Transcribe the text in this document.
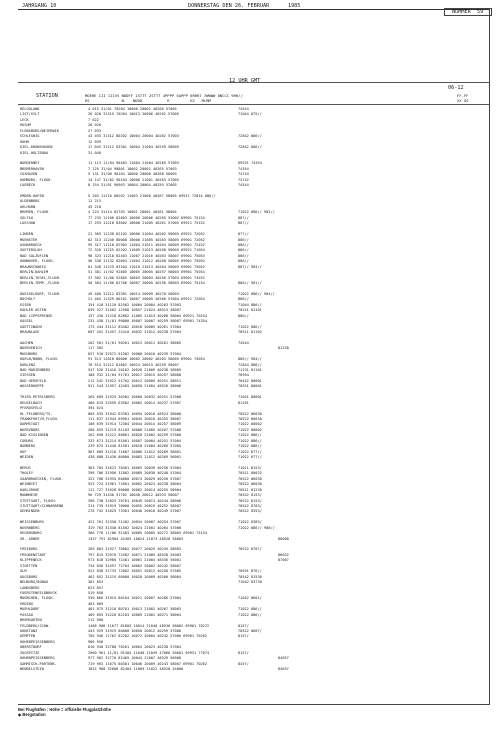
JAHRGANG 10	DONNERSTAG DEN 26. FEBRUAR      1985
NUMMER  59
12 UHR GMT
06-12
STATION	MOEHE III IIIVV NDDFF 1STTT 2STTT 4PPPP 5APPP 6RRRT 7WWWW 8NCCC 9HH//
RS              N    NDDD           R         H2   MLMM
FF-FF
XX GG
HELGOLAND	4 015 31/01 70204 10006 20002 40266 57005	74544
LIST/SYLT	26 020 31315 70204 10013 20006 40262 57005	71044 875//
LECK	7 022
HUSUM	28 026
FLENSBURG/WEIERWIK	27 033
SCHLESWIG	43 035 31312 80202 10004 20004 40262 57003	72842 886//
HOHN	12 039
KIEL-KRONSHAGEN	17 045 31212 83301 10004 21004 40259 58005	72842 886//
KIEL-HOLTENAU	31 046
NORDERNEY	11 113 11/04 90403 11004 21004 40265 57003	69931 74354
BREMERHAVEN	7 129 31/04 90801 10002 20002 40265 57003	74354
CUXHAVEN	5 131 31/00 90104 10000 20000 40268 56005	74744
HAMBURG, FLUGH.	14 147 31/02 90104 10000 21001 40263 57005	74742
LUEBECK	8 154 31/01 90903 10004 20004 40259 57005	74544
EMDEN-HAFEN	5 203 11110 80202 11003 21008 40267 58005 69911 72854 886//
OLDENBURG	11 215
AHLHORN	49 218
BREMEN, FLUGH.	4 224 31114 82703 10001 20001 40261 58004	71022 886// 902//
SOLTAU	77 235 11106 82803 10000 20006 40265 52002 69901 75154	887//
LUECHOW	17 253 11218 83002 10000 21005 40261 57005 69911 75152	887//
LINGEN	21 305 11238 82102 10006 21004 40262 58005 69921 72052	877//
MUENSTER	62 313 11240 80000 10000 21005 40263 58005 69901 72052	886//
OSNABRUECK	95 317 11218 82903 11004 21011 40264 58005 69901 72452	886//
GUETERSLOH	72 320 11225 82202 11009 21013 40268 58005 69921 71054	886//
BAD SALZUFLEN	98 323 11218 82403 11007 21016 40263 58007 69901 75053	886//
HANNOVER, FLUGH.	56 338 11132 82603 11004 21012 40268 58005 69901 75052	886//
BRAUNSCHWEIG	81 348 11225 83204 11010 21013 40264 58003 69901 75052	887// 903//
BERLIN-DAHLEM	51 381 11/02 92805 10005 20005 40257 58003 69901 75054
BERLIN-TEGEL,FLUGH.	37 382 11/06 92805 10003 20003 40256 57003 69901 74552
BERLIN-TEMP.,FLUGH.	50 384 11/06 82706 10007 20005 40256 58003 69901 75154	886// 901//
DUESSELDORF, FLUGH.	45 400 31212 83301 10014 20009 40270 58003	71022 886// 904//
BOCHOLT	21 404 11329 80101 10007 20005 40266 57004 69921 72054	886//
ESSEN	154 410 31110 82502 10004 20004 40263 57003	71044 886//
KAHLER ASTEN	839 427 31582 12508 10057 21024 48513 58007	70241 81101
BAD LIPPSPRINGE	157 430 11218 82802 11005 21013 40268 58004 69921 70254	886//
KASSEL	231 438 11/01 90000 10007 20007 40259 58007 69901 74354
GOETTINGEN	175 444 31112 83402 10010 20005 40261 57004	71022 886//
BRAUNLAGE	607 452 31457 22410 10032 21012 40238 57004	70511 81102
AACHEN	202 501 31/01 90201 10013 20011 40261 58005	74544
NOERVENICH	117 502	81238
MUEHBURG	627 510 32572 51502 10080 20010 40239 57004
KOELN/BONN, FLUGH.	91 513 11010 80000 10002 20002 40263 58005 69901 75054	886// 904//
KOBLENZ	70 515 31212 81802 10024 20015 40259 58007	72844 886//
BAD MARIENBERG	547 526 31410 20102 10020 21009 40238 58005	71231 81101
GIESSEN	186 532 31/04 91701 10017 20015 40257 58008	70954
BAD HERSFELD	212 542 31922 51702 10012 20005 40251 58011	70452 80001
WASSERKUPPE	921 544 31957 42403 10050 21004 48526 58006	70551 80001
TRIER-PETRISBERG	265 609 31925 30302 10060 20032 40251 57008	71041 80001
DEUSELBACH	480 615 32559 63502 10082 20014 40237 57007	81201
PFERDSFELD	394 624
HL.FELDBERG/TS.	805 635 31942 63303 10094 20010 48524 58008	70522 86030
FRANKFURT/M,FLUGH.	111 637 31944 69901 10045 20010 40255 58007	70522 86030
DARMSTADT	108 639 31914 72304 10044 20014 40257 58009	71022 80002
WUERZBURG	268 655 31219 81103 10000 21005 40267 57008	71022 80002
BAD KISSINGEN	262 658 31222 80801 10020 21002 40259 57008	71022 886//
COBURG	332 671 31214 81001 10007 20004 40251 57004	71022 886//
BAMBERG	239 675 31440 81501 10018 21004 40266 57005	71022 886//
HOF	567 685 31218 71607 10006 21012 40269 56001	71022 877//
WEIDEN	438 688 31430 80000 10003 21012 40269 56001	71022 877//
BERUS	363 704 31623 70401 10065 20039 40250 57004	71011 8153/
THOLEY	396 706 31956 31802 10089 20030 40248 57004	70511 80032
SAARBRUECKEN, FLUGH.	322 708 31935 60000 10074 20029 40250 57007	70522 86030
WEINBIET	553 724 31961 71801 10062 20023 40238 58004	70522 86030
KARLSRUHE	112 727 31628 60000 10062 20014 40255 58004	70511 81230
MANNHEIM	96 729 31430 51701 10040 20012 40253 58007	70542 8153/
STUTTGART, FLUGH.	396 738 31825 70701 10049 20013 40244 58006	70522 8153/
STUTTGART/SCHNARRENB	314 739 31919 70000 10055 20019 40252 58007	70542 8703/
OEHRINGEN	276 742 31625 73301 10040 20010 40249 57007	70522 8353/
WEISSENBURG	422 761 31330 71402 10034 20007 40254 57007	71022 8383/
NUERNBERG	319 763 31340 81502 10024 21001 40264 57008	71022 886// 908//
REGENSBURG	366 776 11/06 91403 10005 20005 40272 58003 69901 75154
GR. ARBER	1437 791 82984 42403 10024 21073 48520 58003	80008
FREIBURG	269 803 31927 70002 10077 20025 40245 58003	70522 8707/
FREUDENSTADT	797 815 32970 72502 10071 21005 48528 54003	86032
KLIPPENECK	973 818 32960 72401 10061 21004 48536 56001	87007
STOETTEN	734 836 31557 72704 10062 20002 40242 58007
ULM	522 838 31733 72002 10051 20012 40250 57005	70591 876//
AUGSBURG	462 852 31219 60000 10028 20009 40260 58004	70542 81530
NEUBURG/DONAU	381 853	71042 83730
LANDSBERG	623 857
FUERSTENFELDBRUCK	519 858
MUENCHEN, FLUGH.	530 866 31915 80104 10021 20007 40266 57004	71042 8601/
ERDING	462 869
MUEHLDORF	401 875 31218 80701 10013 21002 40267 58003	71022 886//
PASSAU	409 893 31220 82103 10009 21001 40271 58004	71022 886//
BREMGARTEN	212 900
FELDBERG/SCHW.	1486 908 11677 81803 10014 21040 48530 58002 69901 70272	8157/
KONSTANZ	443 929 31919 80000 10050 20012 40259 57006	70522 8607/
KEMPTEN	705 946 11762 82202 10072 20004 40242 57006 69901 70262	8157/
HOHENPEISSENBERG	986 950
OBERSTDORF	810 940 32780 70201 10064 20023 40238 57004
ZUGSPITZE	2960 961 11/01 91404 11048 21049 47060 50001 69931 77074	8157/
HOHENPEISSENBERG	977 962 32770 82405 10044 21007 48529 56000	84657
GARMISCH-PARTENK.	719 963 11675 80301 10046 20009 40243 58007 69901 70262	8457/
WENDELSTEIN	1832 980 32680 82404 11009 21022 48528 54000	84637
Bei Flughäfen : Höhe = offizielle Flugplatzhöhe
◆ Bergstation
